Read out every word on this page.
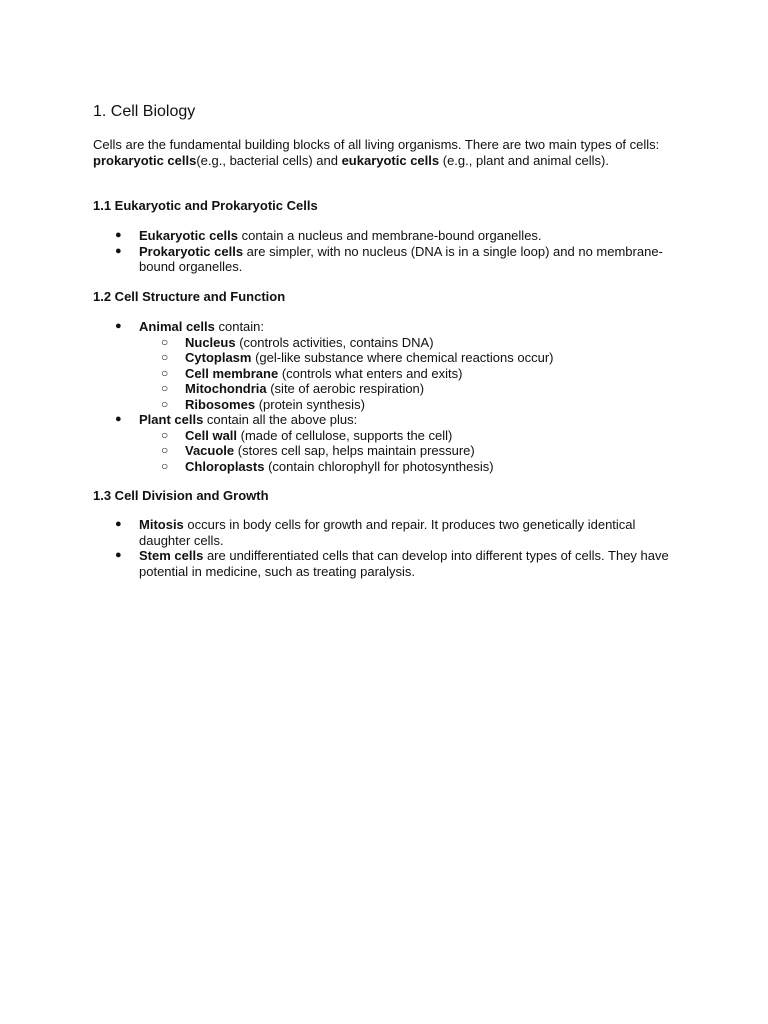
1. Cell Biology

Cells are the fundamental building blocks of all living organisms. There are two main types of cells: prokaryotic cells(e.g., bacterial cells) and eukaryotic cells (e.g., plant and animal cells).

1.1 Eukaryotic and Prokaryotic Cells
● Eukaryotic cells contain a nucleus and membrane-bound organelles.
● Prokaryotic cells are simpler, with no nucleus (DNA is in a single loop) and no membrane-bound organelles.
1.2 Cell Structure and Function
● Animal cells contain:
○ Nucleus (controls activities, contains DNA)
○ Cytoplasm (gel-like substance where chemical reactions occur)
○ Cell membrane (controls what enters and exits)
○ Mitochondria (site of aerobic respiration)
○ Ribosomes (protein synthesis)
● Plant cells contain all the above plus:
○ Cell wall (made of cellulose, supports the cell)
○ Vacuole (stores cell sap, helps maintain pressure)
○ Chloroplasts (contain chlorophyll for photosynthesis)
1.3 Cell Division and Growth
● Mitosis occurs in body cells for growth and repair. It produces two genetically identical daughter cells.
● Stem cells are undifferentiated cells that can develop into different types of cells. They have potential in medicine, such as treating paralysis.
